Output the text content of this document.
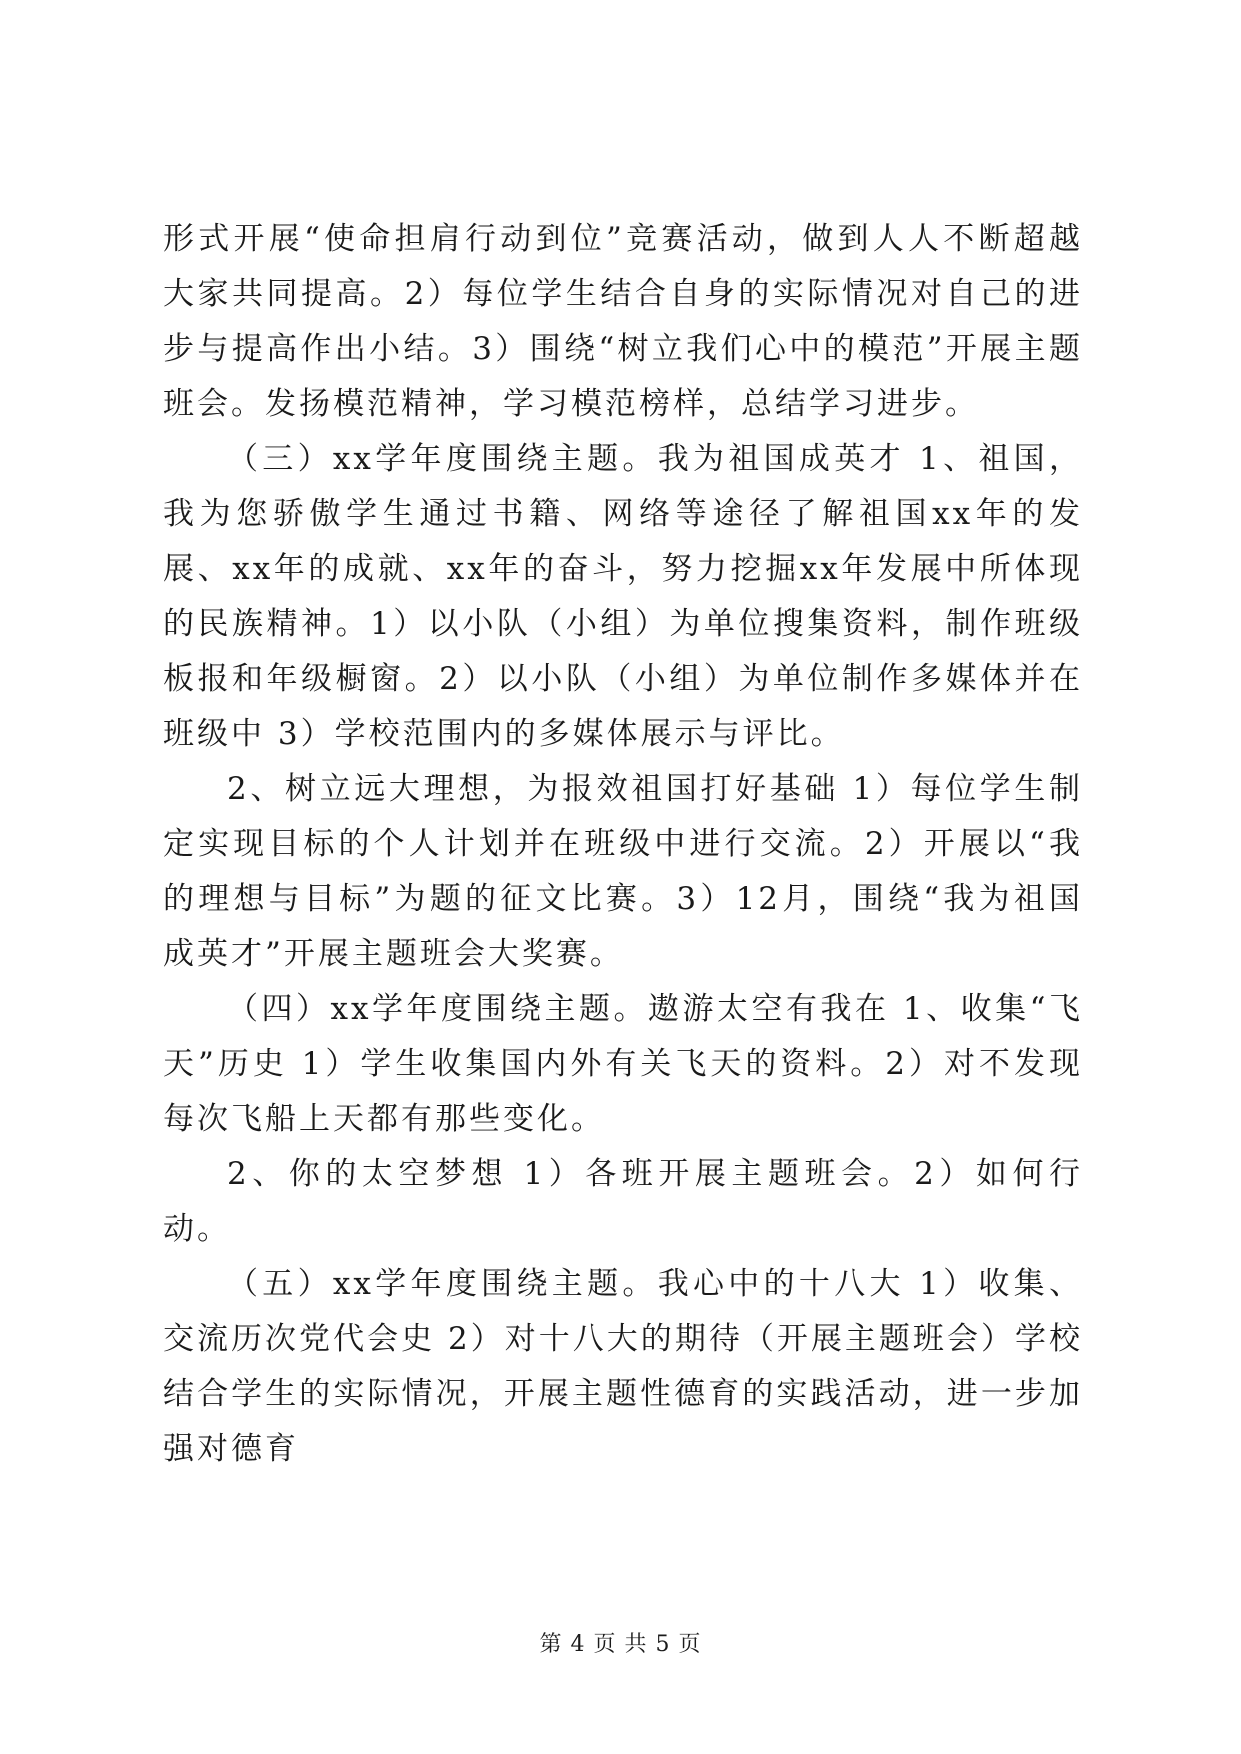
形式开展“使命担肩行动到位”竞赛活动，做到人人不断超越大家共同提高。2）每位学生结合自身的实际情况对自己的进步与提高作出小结。3）围绕“树立我们心中的模范”开展主题班会。发扬模范精神，学习模范榜样，总结学习进步。

（三）xx学年度围绕主题。我为祖国成英才 1、祖国，我为您骄傲学生通过书籍、网络等途径了解祖国xx年的发展、xx年的成就、xx年的奋斗，努力挖掘xx年发展中所体现的民族精神。1）以小队（小组）为单位搜集资料，制作班级板报和年级橱窗。2）以小队（小组）为单位制作多媒体并在班级中 3）学校范围内的多媒体展示与评比。

2、树立远大理想，为报效祖国打好基础 1）每位学生制定实现目标的个人计划并在班级中进行交流。2）开展以“我的理想与目标”为题的征文比赛。3）12月，围绕“我为祖国成英才”开展主题班会大奖赛。

（四）xx学年度围绕主题。遨游太空有我在 1、收集“飞天”历史 1）学生收集国内外有关飞天的资料。2）对不发现每次飞船上天都有那些变化。

2、你的太空梦想 1）各班开展主题班会。2）如何行动。

（五）xx学年度围绕主题。我心中的十八大 1）收集、交流历次党代会史 2）对十八大的期待（开展主题班会）学校结合学生的实际情况，开展主题性德育的实践活动，进一步加强对德育

第 4 页 共 5 页
